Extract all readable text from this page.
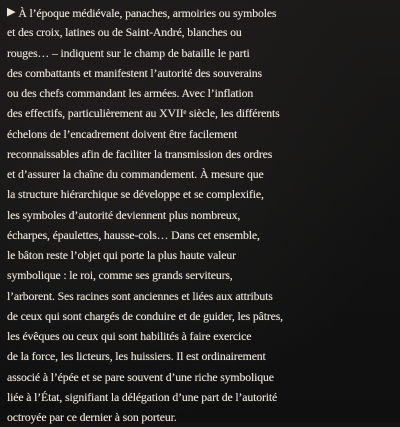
▶ À l’époque médiévale, panaches, armoiries ou symboles
et des croix, latines ou de Saint-André, blanches ou
rouges… – indiquent sur le champ de bataille le parti
des combattants et manifestent l’autorité des souverains
ou des chefs commandant les armées. Avec l’inflation
des effectifs, particulièrement au XVIIᵉ siècle, les différents
échelons de l’encadrement doivent être facilement
reconnaissables afin de faciliter la transmission des ordres
et d’assurer la chaîne du commandement. À mesure que
la structure hiérarchique se développe et se complexifie,
les symboles d’autorité deviennent plus nombreux,
écharpes, épaulettes, hausse-cols… Dans cet ensemble,
le bâton reste l’objet qui porte la plus haute valeur
symbolique : le roi, comme ses grands serviteurs,
l’arborent. Ses racines sont anciennes et liées aux attributs
de ceux qui sont chargés de conduire et de guider, les pâtres,
les évêques ou ceux qui sont habilités à faire exercice
de la force, les licteurs, les huissiers. Il est ordinairement
associé à l’épée et se pare souvent d’une riche symbolique
liée à l’État, signifiant la délégation d’une part de l’autorité
octroyée par ce dernier à son porteur.
